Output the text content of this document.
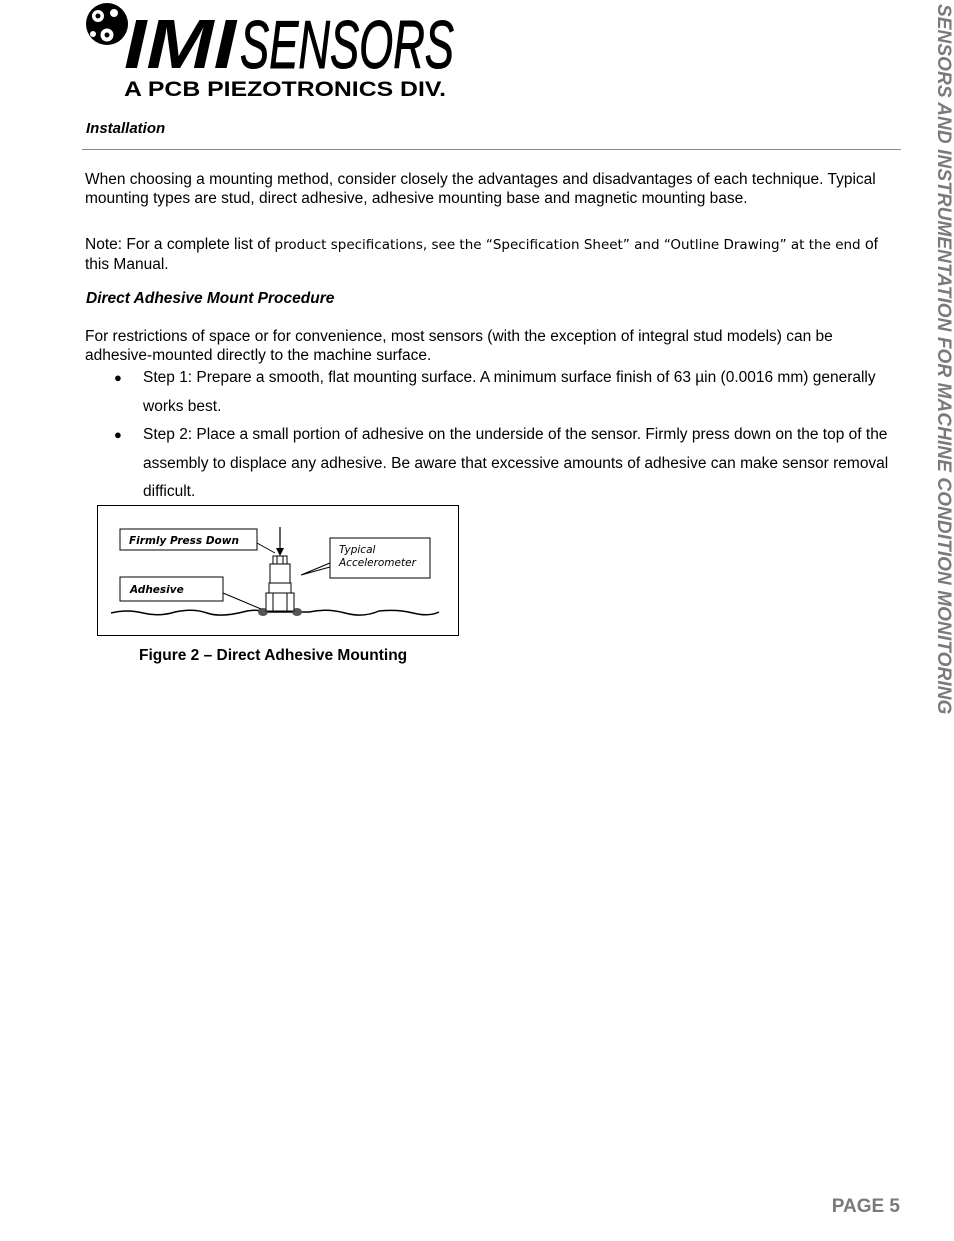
IMI SENSORS
A PCB PIEZOTRONICS DIV.
Installation
When choosing a mounting method, consider closely the advantages and disadvantages of each technique. Typical mounting types are stud, direct adhesive, adhesive mounting base and magnetic mounting base.
Note: For a complete list of product specifications, see the “Specification Sheet” and “Outline Drawing” at the end of this Manual.
Direct Adhesive Mount Procedure
For restrictions of space or for convenience, most sensors (with the exception of integral stud models) can be adhesive-mounted directly to the machine surface.
● Step 1: Prepare a smooth, flat mounting surface. A minimum surface finish of 63 µin (0.0016 mm) generally works best.
● Step 2: Place a small portion of adhesive on the underside of the sensor. Firmly press down on the top of the assembly to displace any adhesive. Be aware that excessive amounts of adhesive can make sensor removal difficult.
Firmly Press Down
Adhesive
Typical
Accelerometer
Figure 2 – Direct Adhesive Mounting	SENSORS AND INSTRUMENTATION FOR MACHINE CONDITION MONITORING
PAGE 5
